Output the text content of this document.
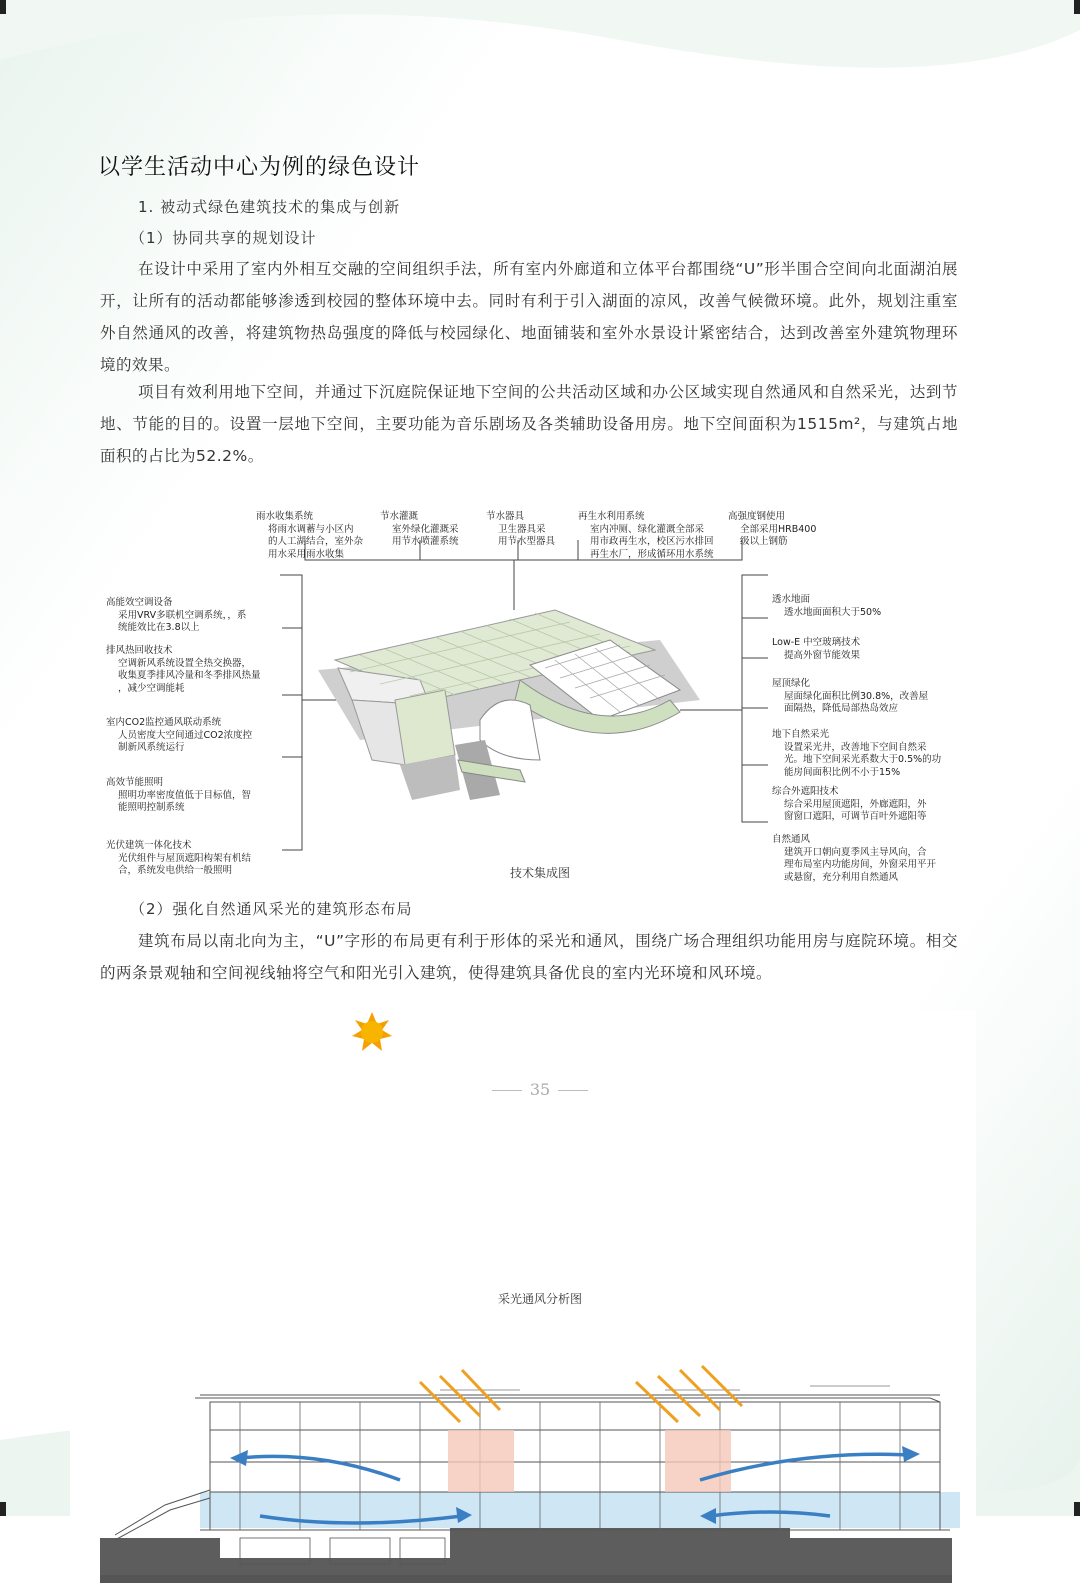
以学生活动中心为例的绿色设计
1. 被动式绿色建筑技术的集成与创新
（1）协同共享的规划设计

在设计中采用了室内外相互交融的空间组织手法，所有室内外廊道和立体平台都围绕“U”形半围合空间向北面湖泊展开，让所有的活动都能够渗透到校园的整体环境中去。同时有利于引入湖面的凉风，改善气候微环境。此外，规划注重室外自然通风的改善，将建筑物热岛强度的降低与校园绿化、地面铺装和室外水景设计紧密结合，达到改善室外建筑物理环境的效果。

项目有效利用地下空间，并通过下沉庭院保证地下空间的公共活动区域和办公区域实现自然通风和自然采光，达到节地、节能的目的。设置一层地下空间，主要功能为音乐剧场及各类辅助设备用房。地下空间面积为1515m²，与建筑占地面积的占比为52.2%。

雨水收集系统
将雨水调蓄与小区内
的人工湖结合，室外杂
用水采用雨水收集

节水灌溉
室外绿化灌溉采
用节水喷灌系统

节水器具
卫生器具采
用节水型器具

再生水利用系统
室内冲厕、绿化灌溉全部采
用市政再生水，校区污水排回
再生水厂，形成循环用水系统

高强度钢使用
全部采用HRB400
级以上钢筋

高能效空调设备
采用VRV多联机空调系统，，系
统能效比在3.8以上

排风热回收技术
空调新风系统设置全热交换器，
收集夏季排风冷量和冬季排风热量
，减少空调能耗

室内CO2监控通风联动系统
人员密度大空间通过CO2浓度控
制新风系统运行

高效节能照明
照明功率密度值低于目标值，智
能照明控制系统

光伏建筑一体化技术
光伏组件与屋顶遮阳构架有机结
合，系统发电供给一般照明

透水地面
透水地面面积大于50%

Low-E 中空玻璃技术
提高外窗节能效果

屋顶绿化
屋面绿化面积比例30.8%，改善屋
面隔热，降低局部热岛效应

地下自然采光
设置采光井，改善地下空间自然采
光。地下空间采光系数大于0.5%的功
能房间面积比例不小于15%

综合外遮阳技术
综合采用屋顶遮阳，外廊遮阳，外
窗窗口遮阳，可调节百叶外遮阳等

自然通风
建筑开口朝向夏季风主导风向，合
理布局室内功能房间，外窗采用平开
或悬窗，充分利用自然通风

技术集成图
（2）强化自然通风采光的建筑形态布局

建筑布局以南北向为主，“U”字形的布局更有利于形体的采光和通风，围绕广场合理组织功能用房与庭院环境。相交的两条景观轴和空间视线轴将空气和阳光引入建筑，使得建筑具备优良的室内光环境和风环境。

采光通风分析图
35
